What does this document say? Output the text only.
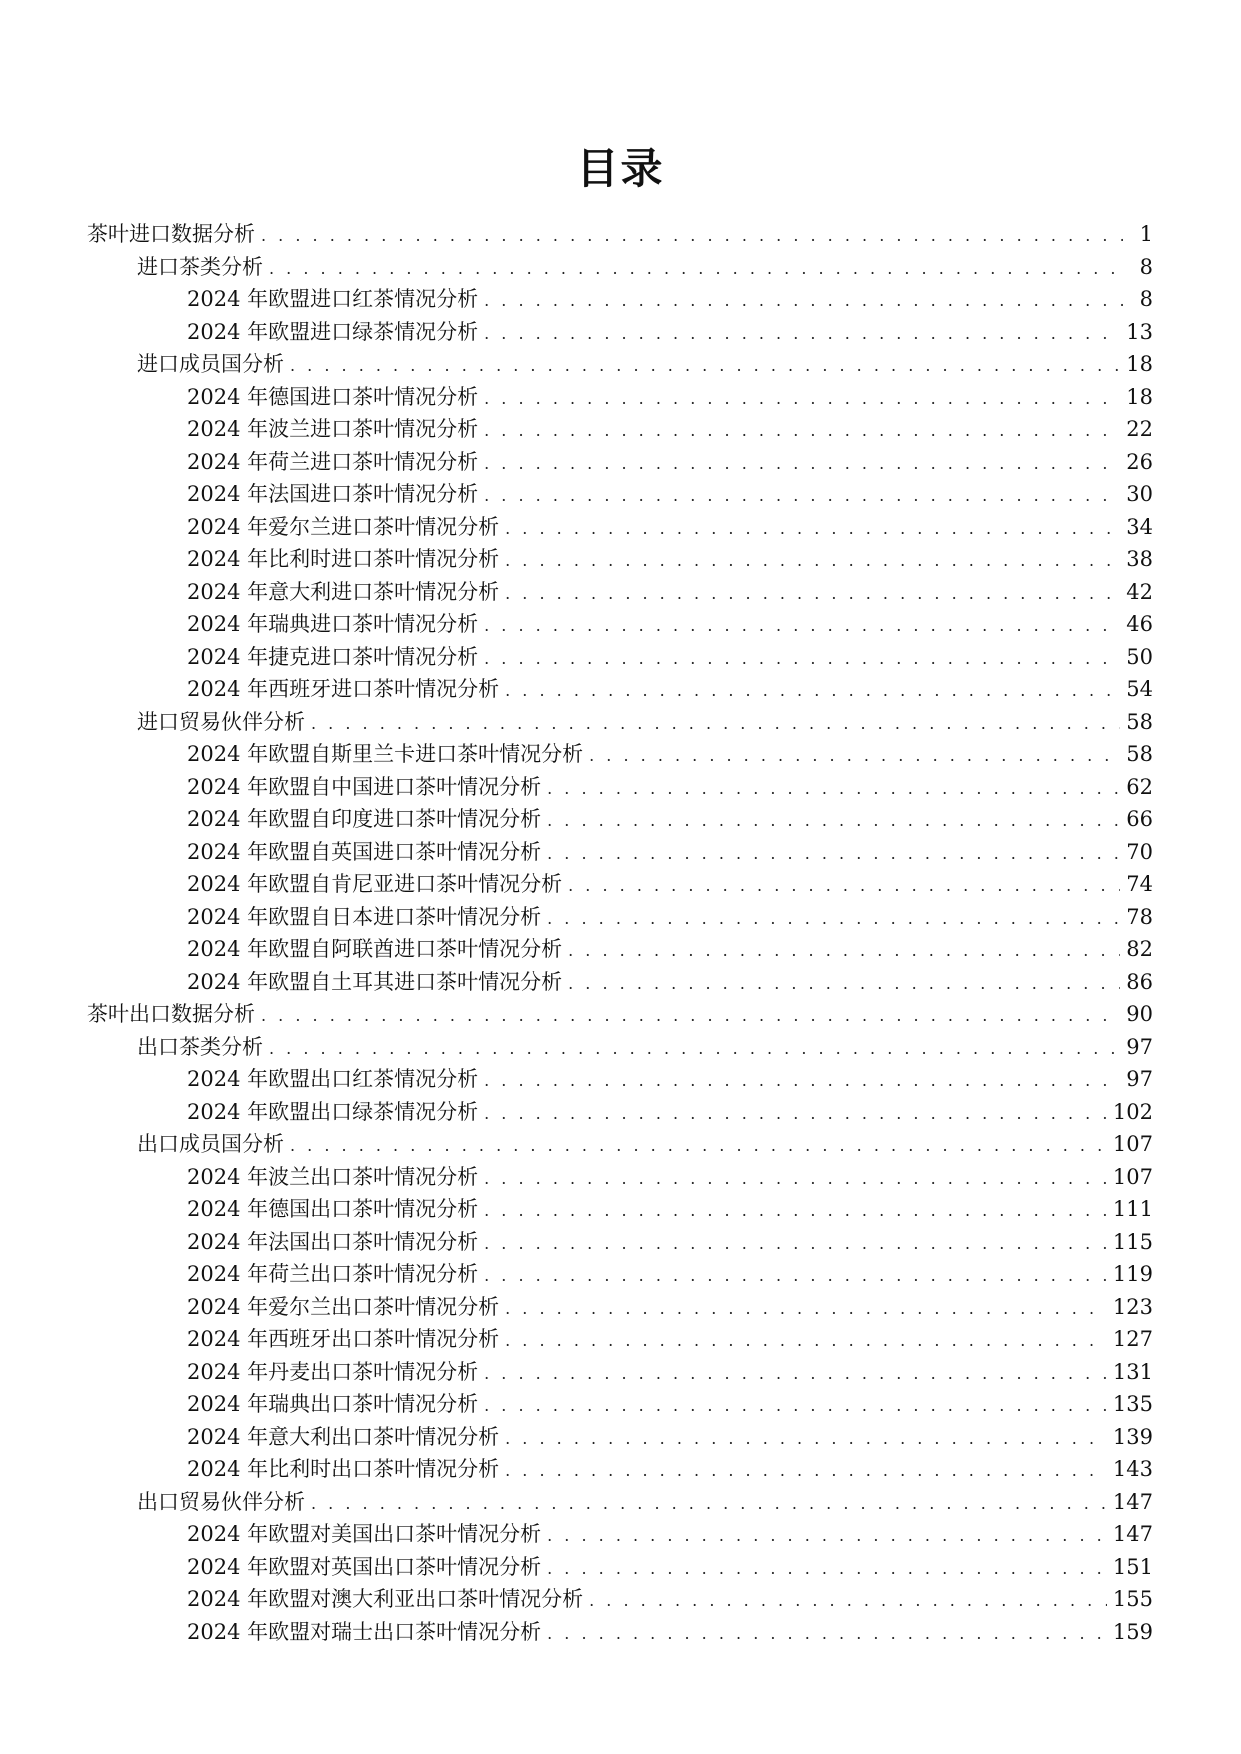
目录
茶叶进口数据分析 . . .	1
进口茶类分析 . . .	8
2024 年欧盟进口红茶情况分析 . . .	8
2024 年欧盟进口绿茶情况分析 . . .	13
进口成员国分析 . . .	18
2024 年德国进口茶叶情况分析 . . .	18
2024 年波兰进口茶叶情况分析 . . .	22
2024 年荷兰进口茶叶情况分析 . . .	26
2024 年法国进口茶叶情况分析 . . .	30
2024 年爱尔兰进口茶叶情况分析 . . .	34
2024 年比利时进口茶叶情况分析 . . .	38
2024 年意大利进口茶叶情况分析 . . .	42
2024 年瑞典进口茶叶情况分析 . . .	46
2024 年捷克进口茶叶情况分析 . . .	50
2024 年西班牙进口茶叶情况分析 . . .	54
进口贸易伙伴分析 . . .	58
2024 年欧盟自斯里兰卡进口茶叶情况分析 . . .	58
2024 年欧盟自中国进口茶叶情况分析 . . .	62
2024 年欧盟自印度进口茶叶情况分析 . . .	66
2024 年欧盟自英国进口茶叶情况分析 . . .	70
2024 年欧盟自肯尼亚进口茶叶情况分析 . . .	74
2024 年欧盟自日本进口茶叶情况分析 . . .	78
2024 年欧盟自阿联酋进口茶叶情况分析 . . .	82
2024 年欧盟自土耳其进口茶叶情况分析 . . .	86
茶叶出口数据分析 . . .	90
出口茶类分析 . . .	97
2024 年欧盟出口红茶情况分析 . . .	97
2024 年欧盟出口绿茶情况分析 . . .	102
出口成员国分析 . . .	107
2024 年波兰出口茶叶情况分析 . . .	107
2024 年德国出口茶叶情况分析 . . .	111
2024 年法国出口茶叶情况分析 . . .	115
2024 年荷兰出口茶叶情况分析 . . .	119
2024 年爱尔兰出口茶叶情况分析 . . .	123
2024 年西班牙出口茶叶情况分析 . . .	127
2024 年丹麦出口茶叶情况分析 . . .	131
2024 年瑞典出口茶叶情况分析 . . .	135
2024 年意大利出口茶叶情况分析 . . .	139
2024 年比利时出口茶叶情况分析 . . .	143
出口贸易伙伴分析 . . .	147
2024 年欧盟对美国出口茶叶情况分析 . . .	147
2024 年欧盟对英国出口茶叶情况分析 . . .	151
2024 年欧盟对澳大利亚出口茶叶情况分析 . . .	155
2024 年欧盟对瑞士出口茶叶情况分析 . . .	159
